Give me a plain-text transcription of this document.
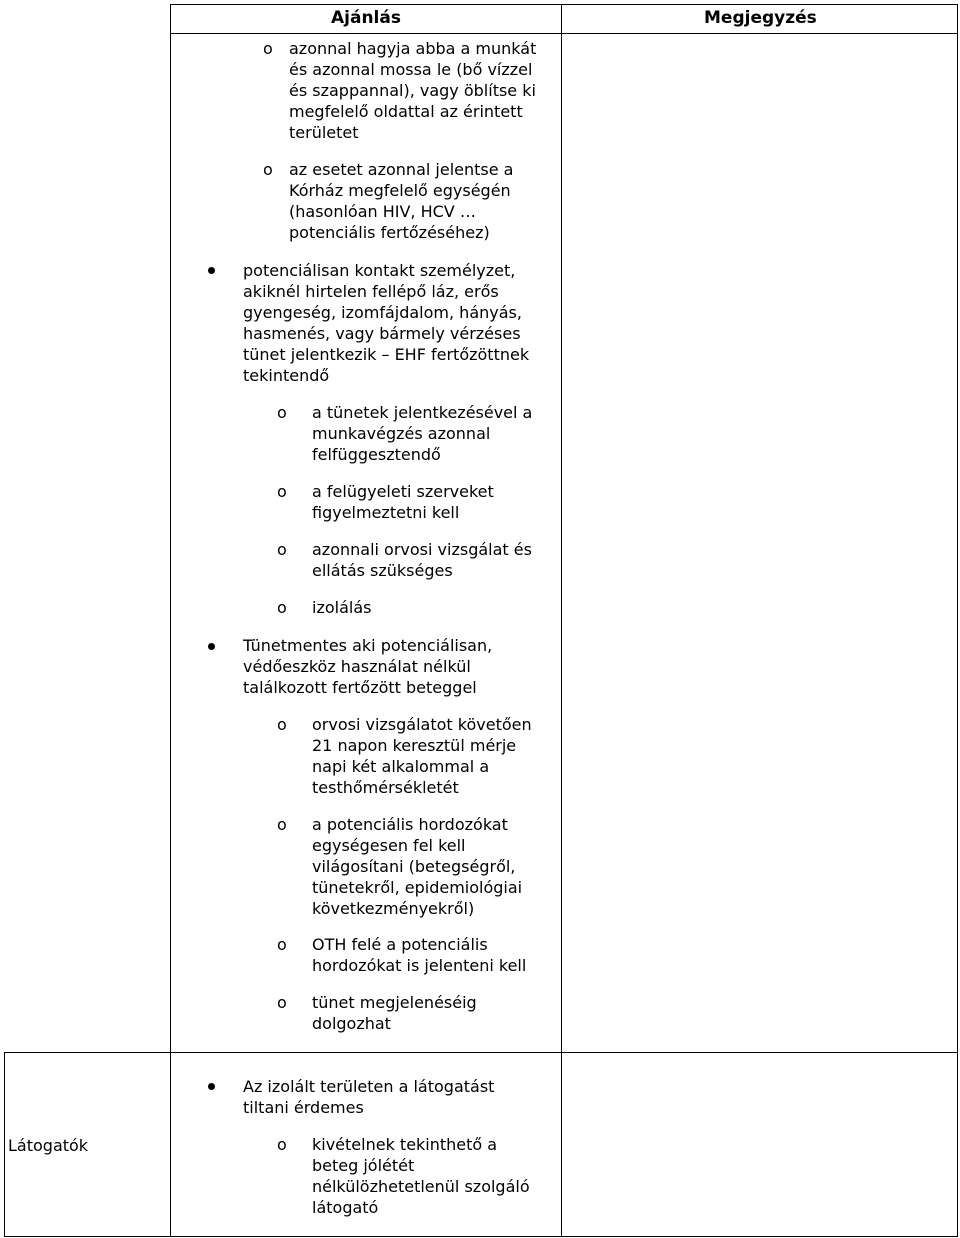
Ajánlás	Megjegyzés
o azonnal hagyja abba a munkát
és azonnal mossa le (bő vízzel
és szappannal), vagy öblítse ki
megfelelő oldattal az érintett
területet
o az esetet azonnal jelentse a
Kórház megfelelő egységén
(hasonlóan HIV, HCV …
potenciális fertőzéséhez)
potenciálisan kontakt személyzet,
akiknél hirtelen fellépő láz, erős
gyengeség, izomfájdalom, hányás,
hasmenés, vagy bármely vérzéses
tünet jelentkezik – EHF fertőzöttnek
tekintendő
o a tünetek jelentkezésével a
munkavégzés azonnal
felfüggesztendő
o a felügyeleti szerveket
figyelmeztetni kell
o azonnali orvosi vizsgálat és
ellátás szükséges
o izolálás
Tünetmentes aki potenciálisan,
védőeszköz használat nélkül
találkozott fertőzött beteggel
o orvosi vizsgálatot követően
21 napon keresztül mérje
napi két alkalommal a
testhőmérsékletét
o a potenciális hordozókat
egységesen fel kell
világosítani (betegségről,
tünetekről, epidemiológiai
következményekről)
o OTH felé a potenciális
hordozókat is jelenteni kell
o tünet megjelenéséig
dolgozhat
Látogatók
Az izolált területen a látogatást
tiltani érdemes
o kivételnek tekinthető a
beteg jólétét
nélkülözhetetlenül szolgáló
látogató
